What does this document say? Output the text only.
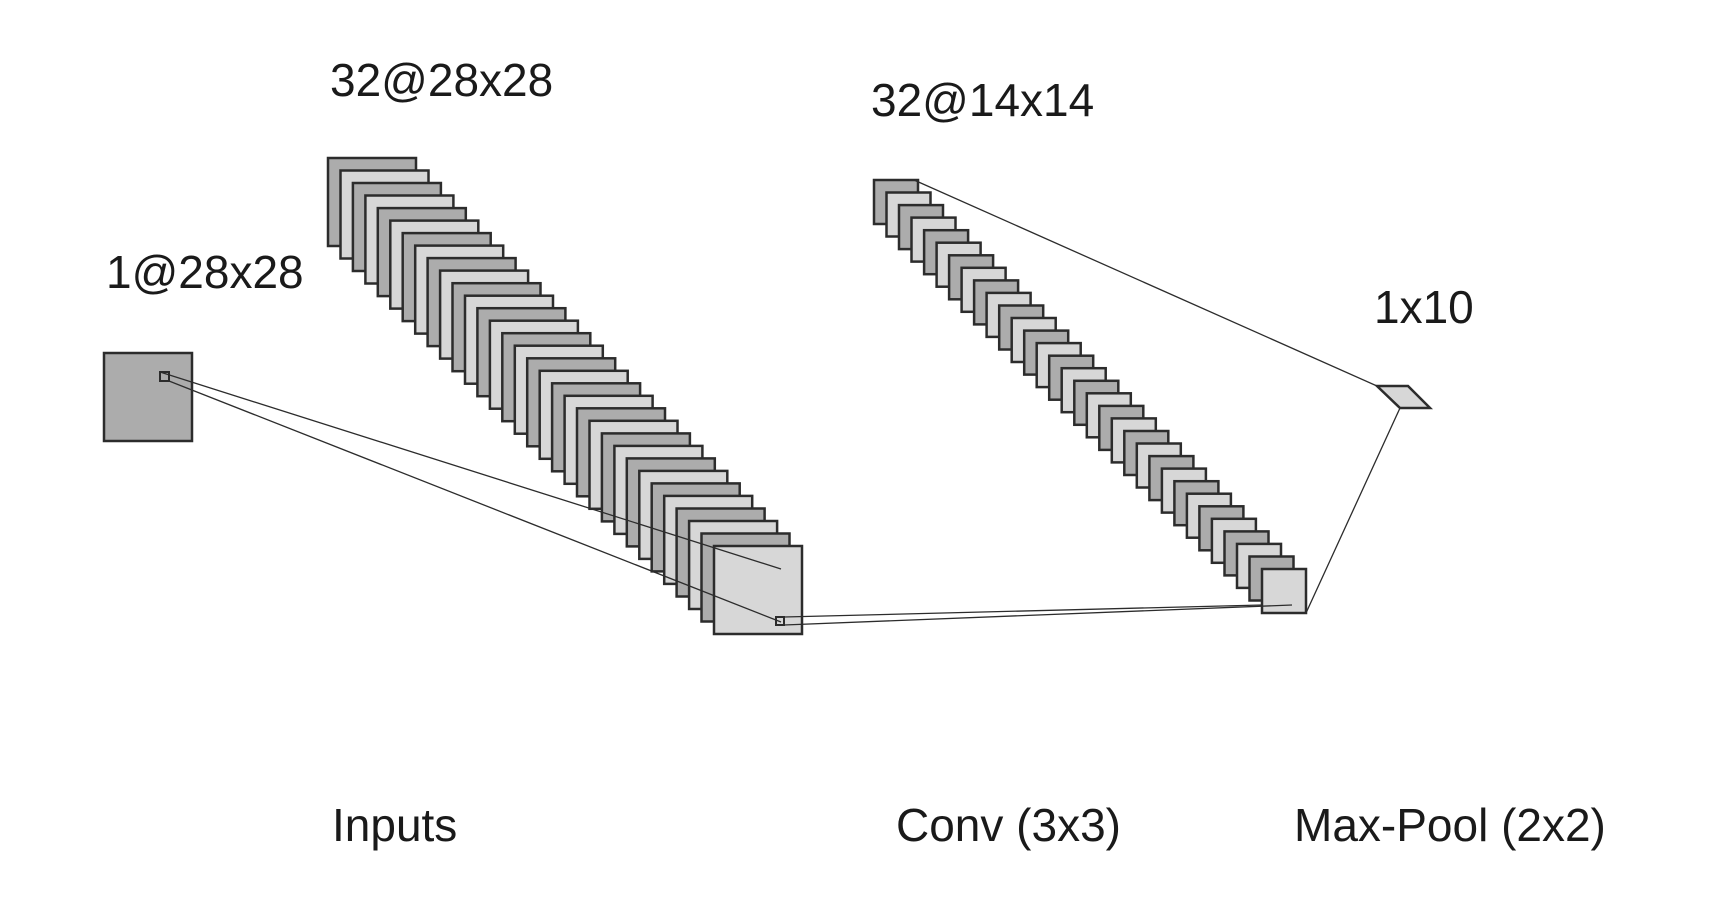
32@28x28
1@28x28
32@14x14
1x10
Inputs	Conv (3x3)	Max-Pool (2x2)
